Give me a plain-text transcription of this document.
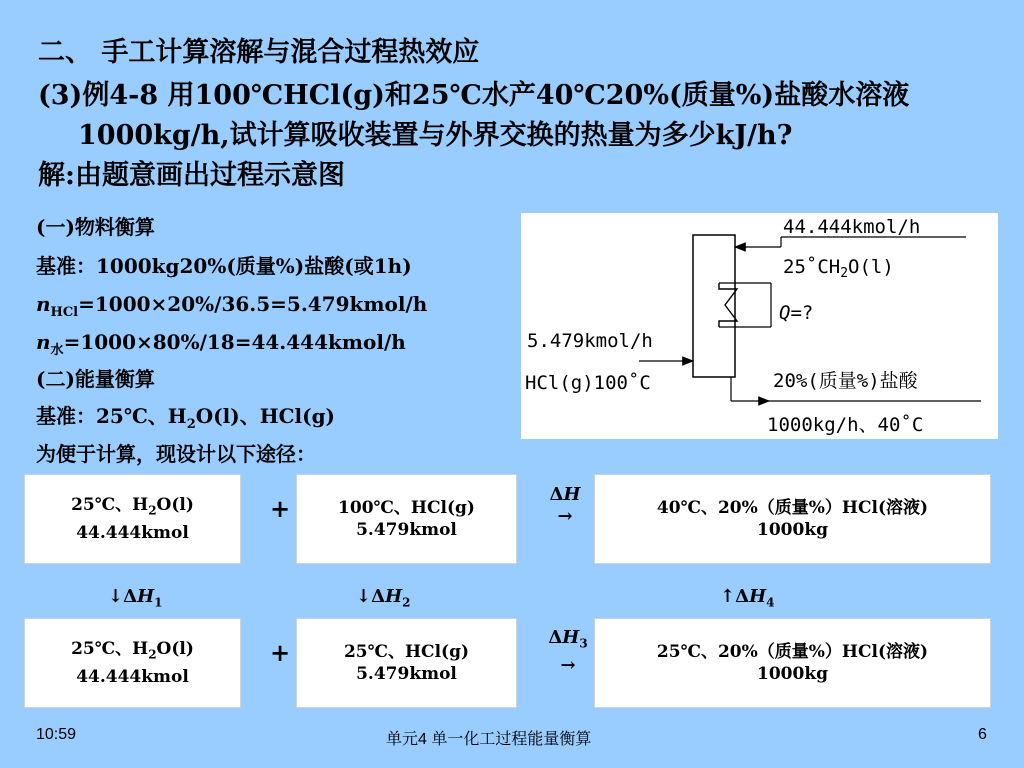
二、 手工计算溶解与混合过程热效应
(3)例4-8 用100℃HCl(g)和25℃水产40℃20%(质量%)盐酸水溶液
1000kg/h,试计算吸收装置与外界交换的热量为多少kJ/h?
解:由题意画出过程示意图
(一)物料衡算
基准：1000kg20%(质量%)盐酸(或1h)
$n_{HCl}=1000\times 20\%/36.5=5.479kmol/h$
$n_水=1000\times 80\%/18=44.444kmol/h$
(二)能量衡算
基准：25℃、$H_2O(l)$、HCl(g)
为便于计算，现设计以下途径：
44.444kmol/h
$25˚CH_2O(l)$
Q=?
5.479kmol/h
HCl(g)100˚C	20%(质量%)盐酸
1000kg/h、40˚C
25℃、$H_2O(l)$
44.444kmol
+	100℃、HCl(g)
5.479kmol
ΔH
→	40℃、20%（质量%）HCl(溶液)
1000kg
$↓\Delta H_1$	$↓\Delta H_2$	$↑\Delta H_4$
25℃、$H_2O(l)$
44.444kmol
+	25℃、HCl(g)
5.479kmol
$\Delta H_3$
→
25℃、20%（质量%）HCl(溶液)
1000kg
10:59	单元4 单一化工过程能量衡算	6
